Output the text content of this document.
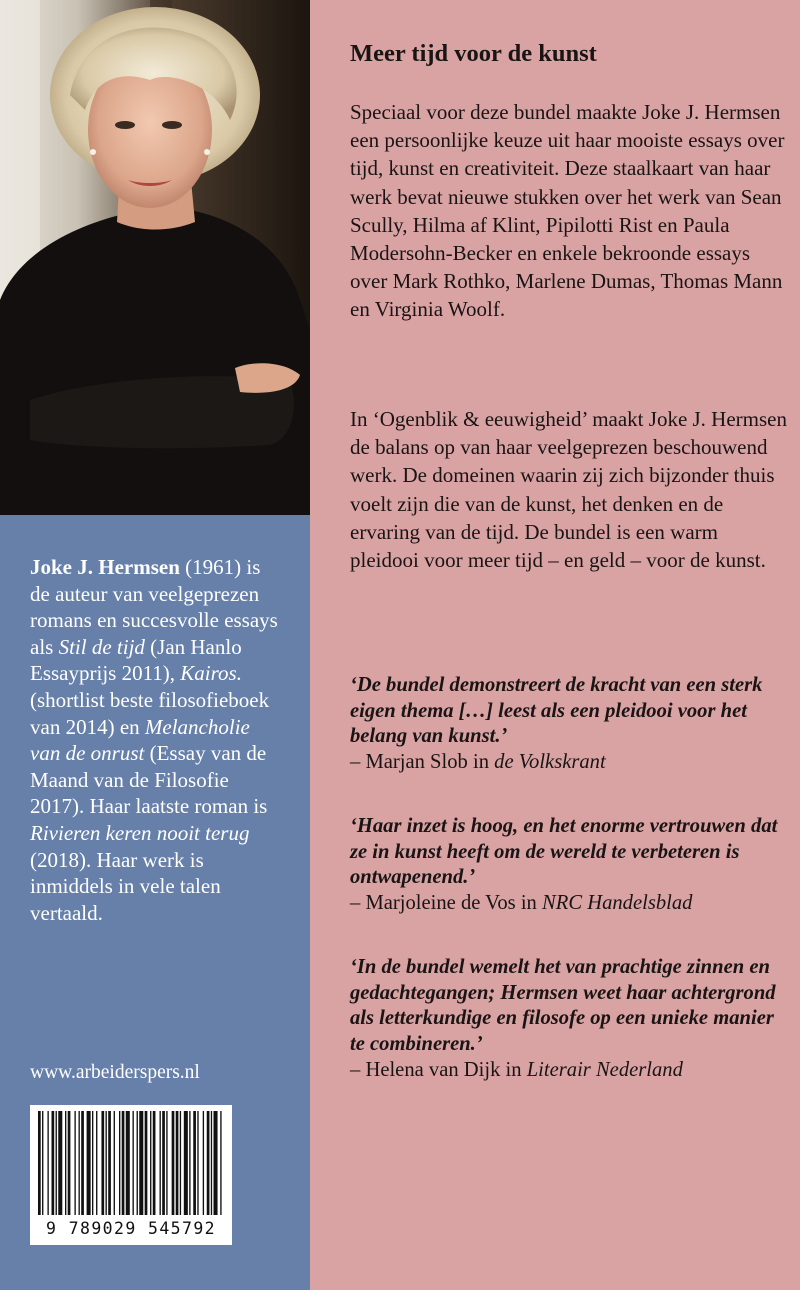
Joke J. Hermsen (1961) is de auteur van veelgeprezen romans en succesvolle essays als Stil de tijd (Jan Hanlo Essayprijs 2011), Kairos. (shortlist beste filosofieboek van 2014) en Melancholie van de onrust (Essay van de Maand van de Filosofie 2017). Haar laatste roman is Rivieren keren nooit terug (2018). Haar werk is inmiddels in vele talen vertaald.

www.arbeiderspers.nl

9 789029 545792
Meer tijd voor de kunst

Speciaal voor deze bundel maakte Joke J. Hermsen een persoonlijke keuze uit haar mooiste essays over tijd, kunst en creativiteit. Deze staalkaart van haar werk bevat nieuwe stukken over het werk van Sean Scully, Hilma af Klint, Pipilotti Rist en Paula Modersohn-Becker en enkele bekroonde essays over Mark Rothko, Marlene Dumas, Thomas Mann en Virginia Woolf.

In ‘Ogenblik & eeuwigheid’ maakt Joke J. Hermsen de balans op van haar veelgeprezen beschouwend werk. De domeinen waarin zij zich bijzonder thuis voelt zijn die van de kunst, het denken en de ervaring van de tijd. De bundel is een warm pleidooi voor meer tijd – en geld – voor de kunst.

‘De bundel demonstreert de kracht van een sterk eigen thema […] leest als een pleidooi voor het belang van kunst.’
– Marjan Slob in de Volkskrant
‘Haar inzet is hoog, en het enorme vertrouwen dat ze in kunst heeft om de wereld te verbeteren is ontwapenend.’
– Marjoleine de Vos in NRC Handelsblad
‘In de bundel wemelt het van prachtige zinnen en gedachtegangen; Hermsen weet haar achtergrond als letterkundige en filosofe op een unieke manier te combineren.’
– Helena van Dijk in Literair Nederland
